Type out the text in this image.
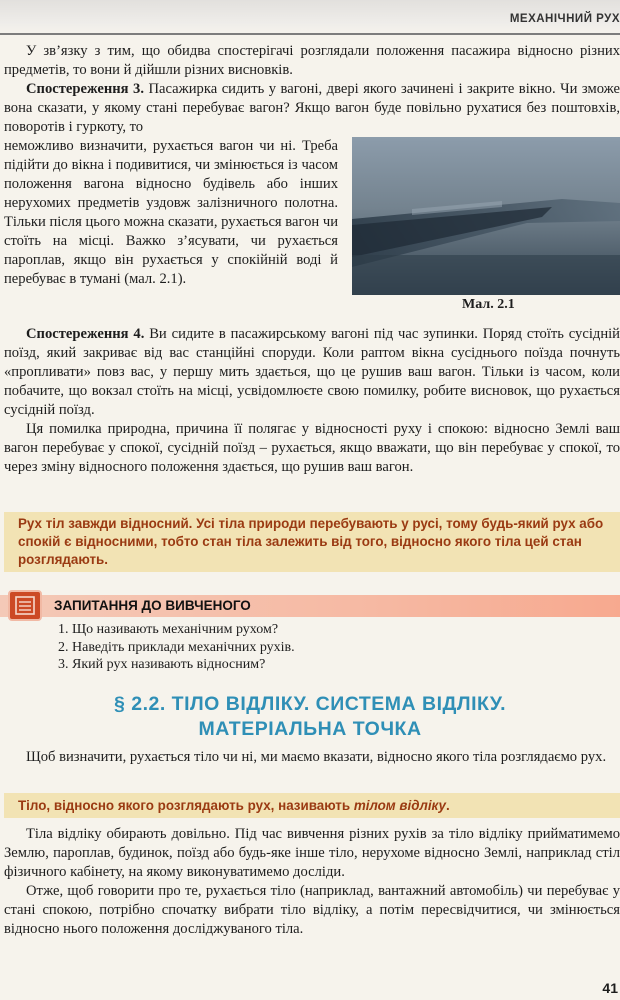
МЕХАНІЧНИЙ РУХ

У зв’язку з тим, що обидва спостерігачі розглядали положення пасажира відносно різних предметів, то вони й дійшли різних висновків.

Спостереження 3. Пасажирка сидить у вагоні, двері якого зачинені і закрите вікно. Чи зможе вона сказати, у якому стані перебуває вагон? Якщо вагон буде повільно рухатися без поштовхів, поворотів і гуркоту, то

неможливо визначити, рухається вагон чи ні. Треба підійти до вікна і подивитися, чи змінюється із часом положення вагона відносно будівель або інших нерухомих предметів уздовж залізничного полотна. Тільки після цього можна сказати, рухається вагон чи стоїть на місці. Важко з’ясувати, чи рухається пароплав, якщо він рухається у спокійній воді й перебуває в тумані (мал. 2.1).

Мал. 2.1

Спостереження 4. Ви сидите в пасажирському вагоні під час зупинки. Поряд стоїть сусідній поїзд, який закриває від вас станційні споруди. Коли раптом вікна сусіднього поїзда почнуть «пропливати» повз вас, у першу мить здається, що це рушив ваш вагон. Тільки із часом, коли побачите, що вокзал стоїть на місці, усвідомлюєте свою помилку, робите висновок, що рухається сусідній поїзд.

Ця помилка природна, причина її полягає у відносності руху і спокою: відносно Землі ваш вагон перебуває у спокої, сусідній поїзд – рухається, якщо вважати, що він перебуває у спокої, то через зміну відносного положення здається, що рушив ваш вагон.

Рух тіл завжди відносний. Усі тіла природи перебувають у русі, тому будь-який рух або спокій є відносними, тобто стан тіла залежить від того, відносно якого тіла цей стан розглядають.
ЗАПИТАННЯ ДО ВИВЧЕНОГО
1. Що називають механічним рухом?
2. Наведіть приклади механічних рухів.
3. Який рух називають відносним?
§ 2.2. ТІЛО ВІДЛІКУ. СИСТЕМА ВІДЛІКУ.
МАТЕРІАЛЬНА ТОЧКА

Щоб визначити, рухається тіло чи ні, ми маємо вказати, відносно якого тіла розглядаємо рух.

Тіло, відносно якого розглядають рух, називають тілом відліку.

Тіла відліку обирають довільно. Під час вивчення різних рухів за тіло відліку прийматимемо Землю, пароплав, будинок, поїзд або будь-яке інше тіло, нерухоме відносно Землі, наприклад стіл фізичного кабінету, на якому виконуватимемо досліди.

Отже, щоб говорити про те, рухається тіло (наприклад, вантажний автомобіль) чи перебуває у стані спокою, потрібно спочатку вибрати тіло відліку, а потім пересвідчитися, чи змінюється відносно нього положення досліджуваного тіла.

41
